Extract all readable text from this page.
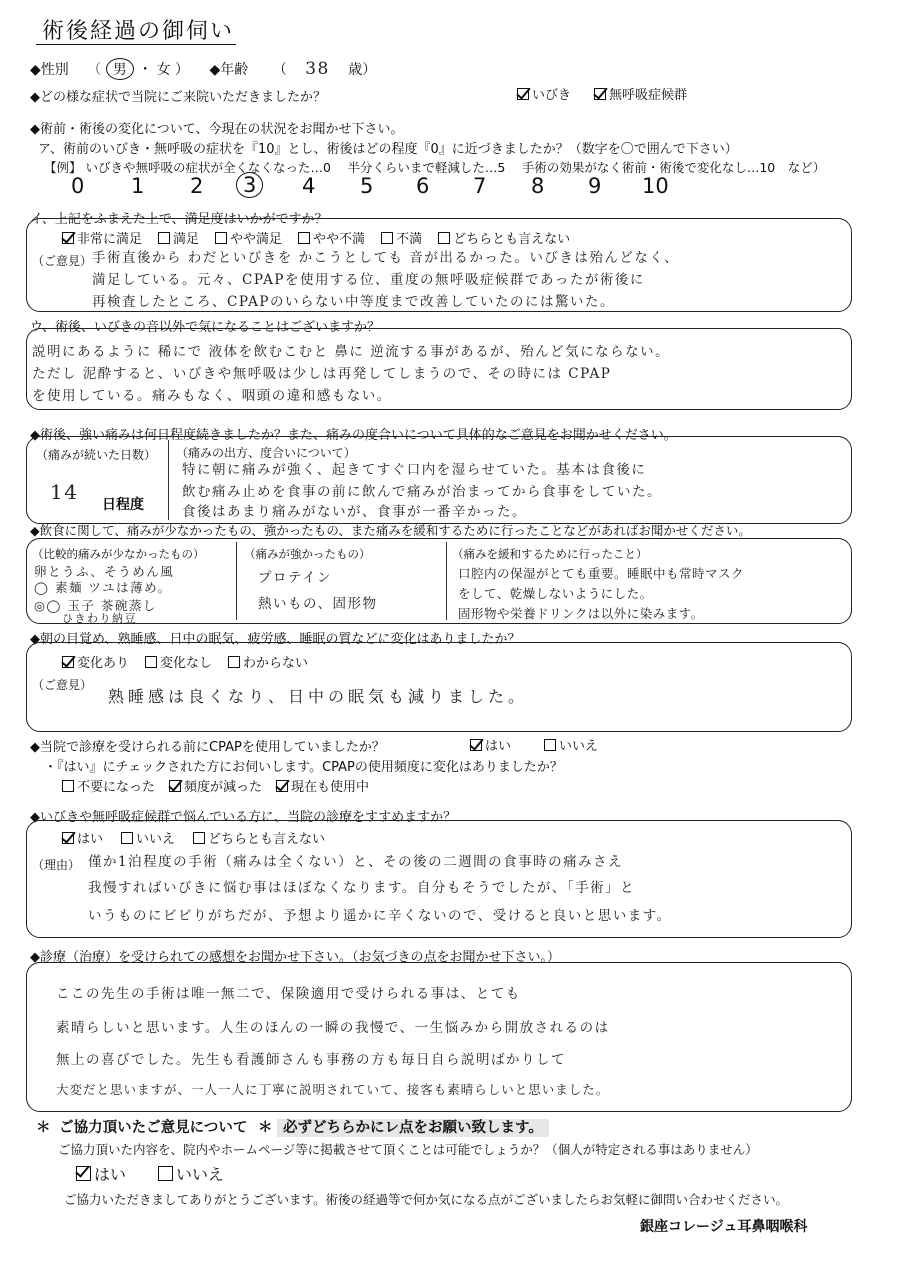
術後経過の御伺い
◆性別 （ 男 ・ 女 ） ◆年齢 （ 38 歳）
◆どの様な症状で当院にご来院いただきましたか？	いびき	無呼吸症候群
◆術前・術後の変化について、今現在の状況をお聞かせ下さい。
ア、術前のいびき・無呼吸の症状を『10』とし、術後はどの程度『0』に近づきましたか？（数字を〇で囲んで下さい）
【例】 いびきや無呼吸の症状が全くなくなった…0　 半分くらいまで軽減した…5　 手術の効果がなく術前・術後で変化なし…10　など）
0 1 2	3	4 5 6 7 8 9 10
イ、上記をふまえた上で、満足度はいかがですか？
非常に満足 満足 やや満足 やや不満 不満 どちらとも言えない
（ご意見） 手術直後から わだといびきを かこうとしても 音が出るかった。いびきは殆んどなく、
満足している。元々、CPAPを使用する位、重度の無呼吸症候群であったが術後に
再検査したところ、CPAPのいらない中等度まで改善していたのには驚いた。
ウ、術後、いびきの音以外で気になることはございますか？
説明にあるように 稀にで 液体を飲むこむと 鼻に 逆流する事があるが、殆んど気にならない。
ただし 泥酔すると、いびきや無呼吸は少しは再発してしまうので、その時には CPAP
を使用している。痛みもなく、咽頭の違和感もない。
◆術後、強い痛みは何日程度続きましたか？また、痛みの度合いについて具体的なご意見をお聞かせください。
（痛みが続いた日数）
14
日程度
（痛みの出方、度合いについて）
特に朝に痛みが強く、起きてすぐ口内を湿らせていた。基本は食後に
飲む痛み止めを食事の前に飲んで痛みが治まってから食事をしていた。
食後はあまり痛みがないが、食事が一番辛かった。
◆飲食に関して、痛みが少なかったもの、強かったもの、また痛みを緩和するために行ったことなどがあればお聞かせください。
（比較的痛みが少なかったもの）
卵とうふ、そうめん風
◯ 素麺 ツユは薄め。
◎◯ 玉子 茶碗蒸し
ひきわり納豆
（痛みが強かったもの）
プロテイン
熱いもの、固形物
（痛みを緩和するために行ったこと）
口腔内の保湿がとても重要。睡眠中も常時マスク
をして、乾燥しないようにした。
固形物や栄養ドリンクは以外に染みます。
◆朝の目覚め、熟睡感、日中の眠気、疲労感、睡眠の質などに変化はありましたか？
変化あり 変化なし わからない
（ご意見）
熟睡感は良くなり、日中の眠気も減りました。
◆当院で診療を受けられる前にCPAPを使用していましたか？	はい	いいえ
・『はい』にチェックされた方にお伺いします。CPAPの使用頻度に変化はありましたか？
不要になった 頻度が減った 現在も使用中
◆いびきや無呼吸症候群で悩んでいる方に、当院の診療をすすめますか？
はい	いいえ	どちらとも言えない
（理由） 僅か1泊程度の手術（痛みは全くない）と、その後の二週間の食事時の痛みさえ
我慢すればいびきに悩む事はほぼなくなります。自分もそうでしたが、「手術」と
いうものにビビりがちだが、予想より遥かに辛くないので、受けると良いと思います。
◆診療（治療）を受けられての感想をお聞かせ下さい。（お気づきの点をお聞かせ下さい。）
ここの先生の手術は唯一無二で、保険適用で受けられる事は、とても
素晴らしいと思います。人生のほんの一瞬の我慢で、一生悩みから開放されるのは
無上の喜びでした。先生も看護師さんも事務の方も毎日自ら説明ばかりして
大変だと思いますが、一人一人に丁寧に説明されていて、接客も素晴らしいと思いました。
＊ ご協力頂いたご意見について ＊ 必ずどちらかにレ点をお願い致します。
ご協力頂いた内容を、院内やホームページ等に掲載させて頂くことは可能でしょうか？（個人が特定される事はありません）
はい	いいえ
ご協力いただきましてありがとうございます。術後の経過等で何か気になる点がございましたらお気軽に御問い合わせください。
銀座コレージュ耳鼻咽喉科
